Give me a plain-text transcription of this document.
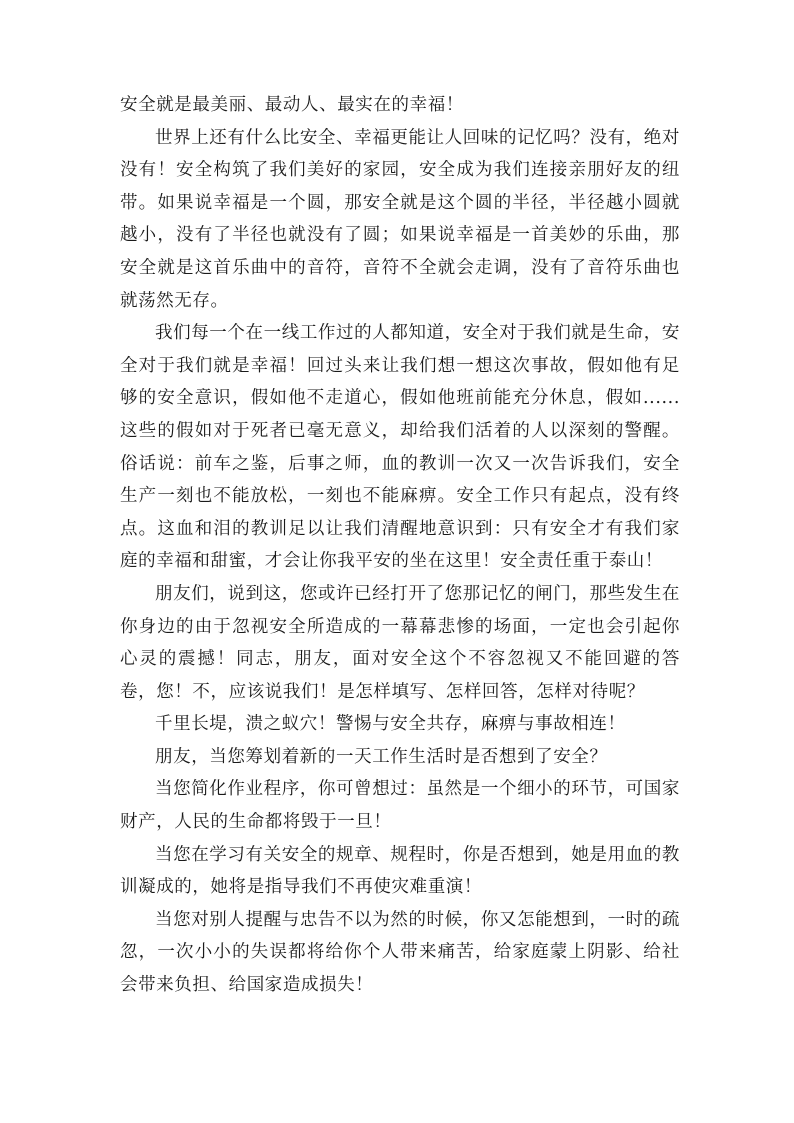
安全就是最美丽、最动人、最实在的幸福！

世界上还有什么比安全、幸福更能让人回味的记忆吗？没有，绝对没有！安全构筑了我们美好的家园，安全成为我们连接亲朋好友的纽带。如果说幸福是一个圆，那安全就是这个圆的半径，半径越小圆就越小，没有了半径也就没有了圆；如果说幸福是一首美妙的乐曲，那安全就是这首乐曲中的音符，音符不全就会走调，没有了音符乐曲也就荡然无存。

我们每一个在一线工作过的人都知道，安全对于我们就是生命，安全对于我们就是幸福！回过头来让我们想一想这次事故，假如他有足够的安全意识，假如他不走道心，假如他班前能充分休息，假如......这些的假如对于死者已毫无意义，却给我们活着的人以深刻的警醒。俗话说：前车之鉴，后事之师，血的教训一次又一次告诉我们，安全生产一刻也不能放松，一刻也不能麻痹。安全工作只有起点，没有终点。这血和泪的教训足以让我们清醒地意识到：只有安全才有我们家庭的幸福和甜蜜，才会让你我平安的坐在这里！安全责任重于泰山！

朋友们，说到这，您或许已经打开了您那记忆的闸门，那些发生在你身边的由于忽视安全所造成的一幕幕悲惨的场面，一定也会引起你心灵的震撼！同志，朋友，面对安全这个不容忽视又不能回避的答卷，您！不，应该说我们！是怎样填写、怎样回答，怎样对待呢？

千里长堤，溃之蚁穴！警惕与安全共存，麻痹与事故相连！

朋友，当您筹划着新的一天工作生活时是否想到了安全？

当您简化作业程序，你可曾想过：虽然是一个细小的环节，可国家财产，人民的生命都将毁于一旦！

当您在学习有关安全的规章、规程时，你是否想到，她是用血的教训凝成的，她将是指导我们不再使灾难重演！

当您对别人提醒与忠告不以为然的时候，你又怎能想到，一时的疏忽，一次小小的失误都将给你个人带来痛苦，给家庭蒙上阴影、给社会带来负担、给国家造成损失！
